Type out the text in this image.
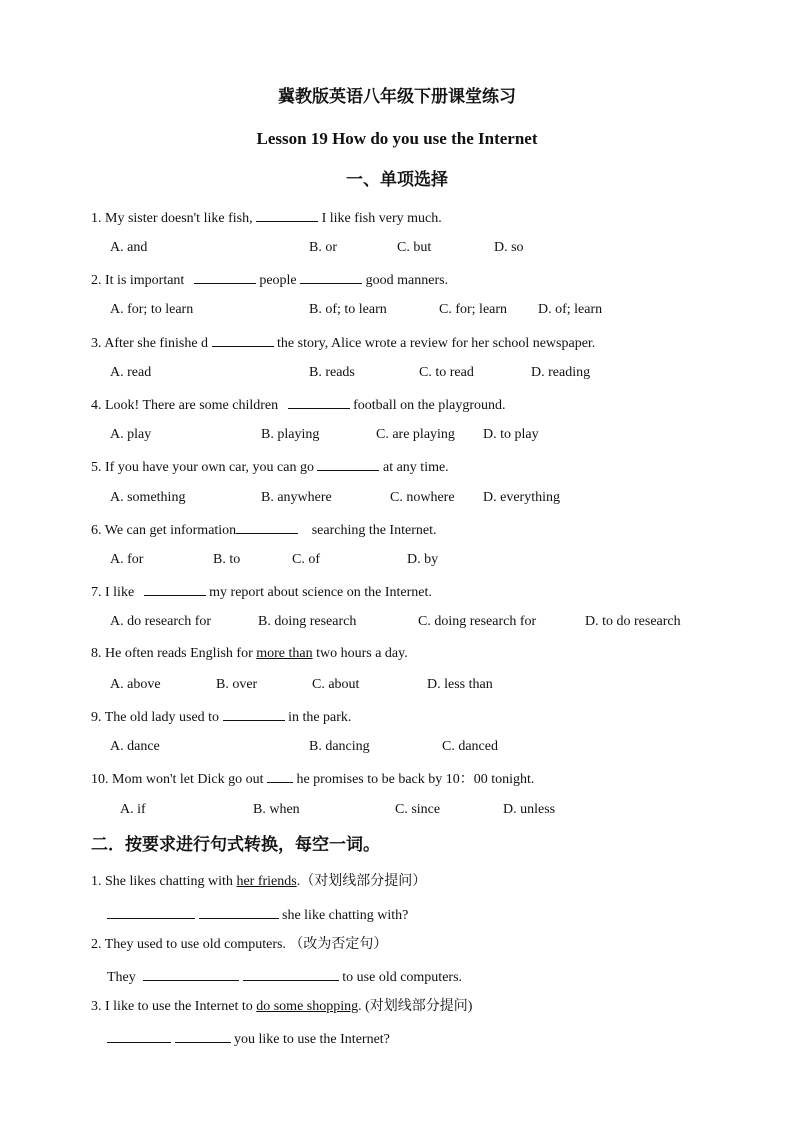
冀教版英语八年级下册课堂练习
Lesson 19 How do you use the Internet
一、单项选择
1. My sister doesn't like fish,	I like fish very much.
A. and	B. or	C. but	D. so
2. It is important	people	good manners.
A. for; to learn	B. of; to learn	C. for; learn D. of; learn
3. After she finishe d	the story, Alice wrote a review for her school newspaper.
A. read	B. reads	C. to read	D. reading
4. Look! There are some children	football on the playground.
A. play	B. playing	C. are playing D. to play
5. If you have your own car, you can go	at any time.
A. something	B. anywhere	C. nowhere D. everything
6. We can get information	searching the Internet.
A. for	B. to	C. of	D. by
7. I like	my report about science on the Internet.
A. do research for	B. doing research	C. doing research for	D. to do research
8. He often reads English for more than two hours a day.
A. above	B. over	C. about	D. less than
9. The old lady used to	in the park.
A. dance	B. dancing	C. danced
10. Mom won't let Dick go out he promises to be back by 10：00 tonight.
A. if	B. when	C. since	D. unless
二．按要求进行句式转换，每空一词。
1. She likes chatting with her friends.（对划线部分提问）
she like chatting with?
2. They used to use old computers. （改为否定句）
They	to use old computers.
3. I like to use the Internet to do some shopping. (对划线部分提问)
you like to use the Internet?
